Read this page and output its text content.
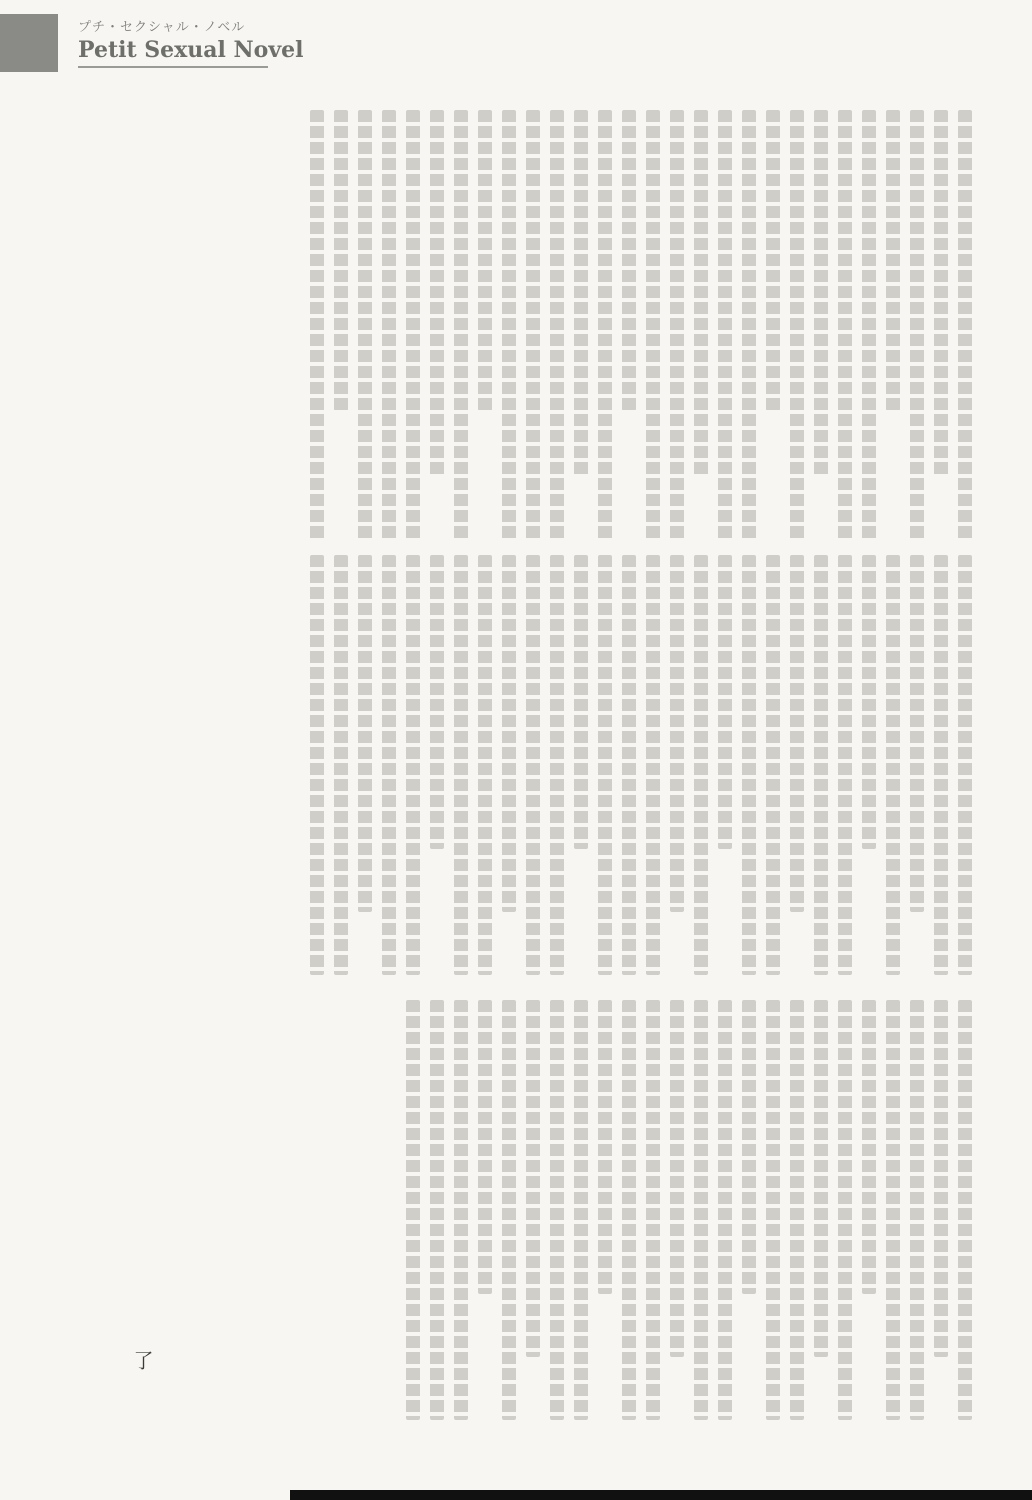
プチ・セクシャル・ノベル
Petit Sexual Novel
了
